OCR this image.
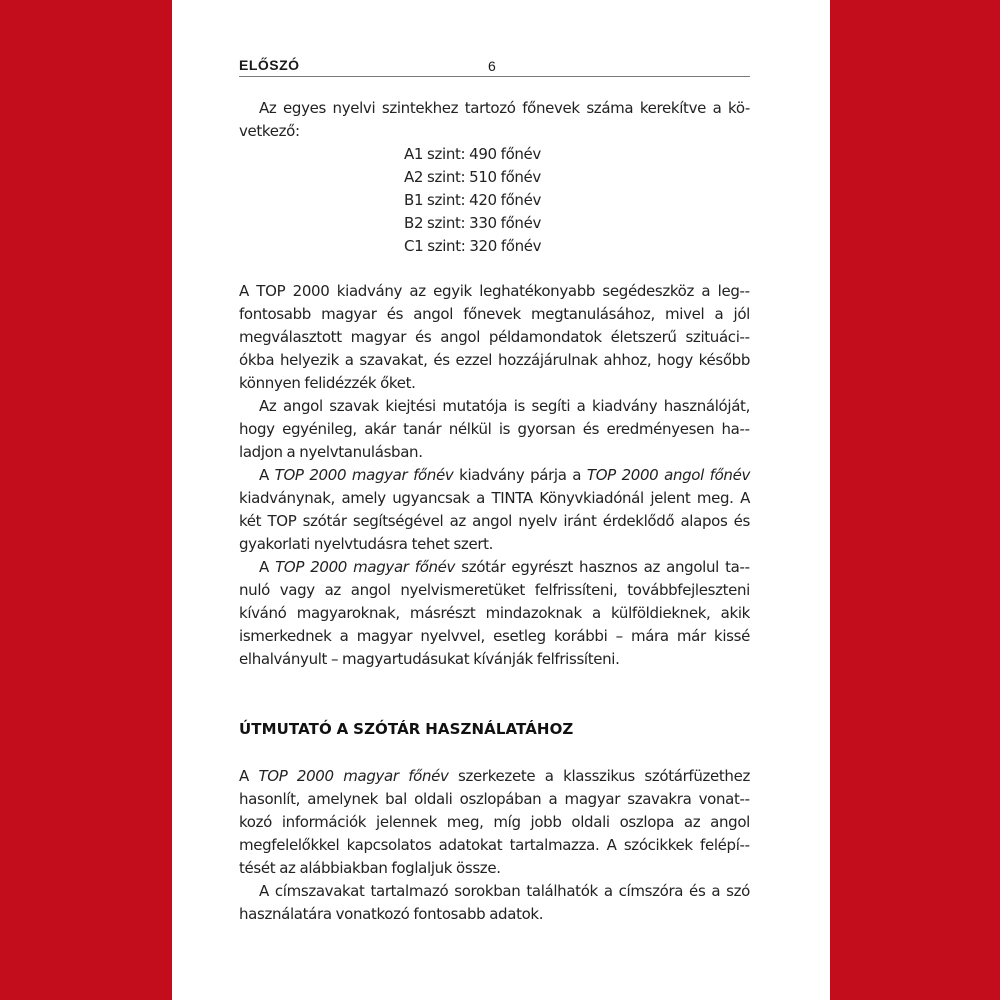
ELŐSZÓ	6

Az egyes nyelvi szintekhez tartozó főnevek száma kerekítve a kö-

vetkező:

A1 szint: 490 főnév
A2 szint: 510 főnév
B1 szint: 420 főnév
B2 szint: 330 főnév
C1 szint: 320 főnév

A TOP 2000 kiadvány az egyik leghatékonyabb segédeszköz a leg-fontosabb magyar és angol főnevek megtanulásához, mivel a jól megválasztott magyar és angol példamondatok életszerű szituáci-ókba helyezik a szavakat, és ezzel hozzájárulnak ahhoz, hogy később könnyen felidézzék őket.

Az angol szavak kiejtési mutatója is segíti a kiadvány használóját, hogy egyénileg, akár tanár nélkül is gyorsan és eredményesen ha-ladjon a nyelvtanulásban.

A TOP 2000 magyar főnév kiadvány párja a TOP 2000 angol főnév kiadványnak, amely ugyancsak a TINTA Könyvkiadónál jelent meg. A két TOP szótár segítségével az angol nyelv iránt érdeklődő alapos és gyakorlati nyelvtudásra tehet szert.

A TOP 2000 magyar főnév szótár egyrészt hasznos az angolul ta-nuló vagy az angol nyelvismeretüket felfrissíteni, továbbfejleszteni kívánó magyaroknak, másrészt mindazoknak a külföldieknek, akik ismerkednek a magyar nyelvvel, esetleg korábbi – mára már kissé elhalványult – magyartudásukat kívánják felfrissíteni.

ÚTMUTATÓ A SZÓTÁR HASZNÁLATÁHOZ

A TOP 2000 magyar főnév szerkezete a klasszikus szótárfüzethez hasonlít, amelynek bal oldali oszlopában a magyar szavakra vonat-kozó információk jelennek meg, míg jobb oldali oszlopa az angol megfelelőkkel kapcsolatos adatokat tartalmazza. A szócikkek felépí-tését az alábbiakban foglaljuk össze.

A címszavakat tartalmazó sorokban találhatók a címszóra és a szó használatára vonatkozó fontosabb adatok.
